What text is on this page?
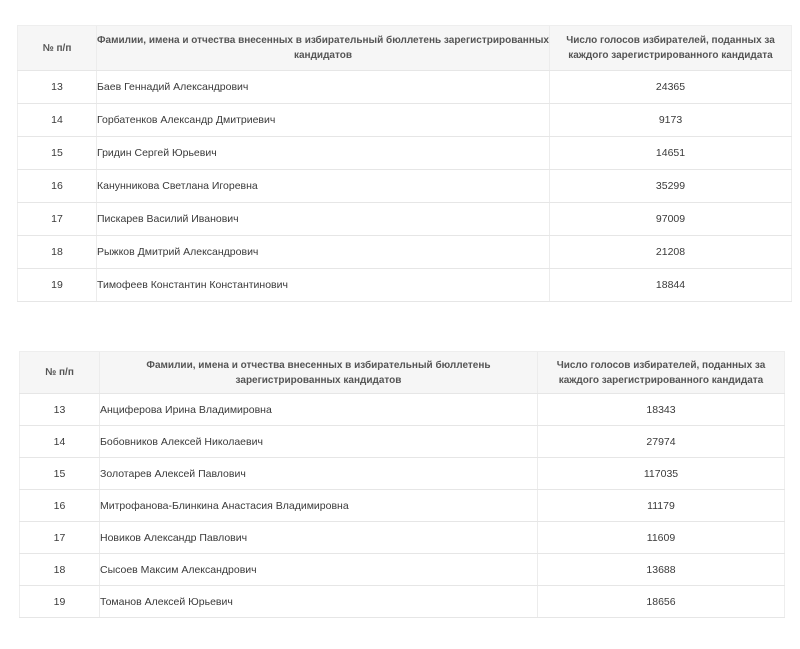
№ п/п	Фамилии, имена и отчества внесенных в избирательный бюллетень зарегистрированных кандидатов	Число голосов избирателей, поданных за каждого зарегистрированного кандидата
13	Баев Геннадий Александрович	24365
14	Горбатенков Александр Дмитриевич	9173
15	Гридин Сергей Юрьевич	14651
16	Канунникова Светлана Игоревна	35299
17	Пискарев Василий Иванович	97009
18	Рыжков Дмитрий Александрович	21208
19	Тимофеев Константин Константинович	18844
№ п/п	Фамилии, имена и отчества внесенных в избирательный бюллетень зарегистрированных кандидатов	Число голосов избирателей, поданных за каждого зарегистрированного кандидата
13	Анциферова Ирина Владимировна	18343
14	Бобовников Алексей Николаевич	27974
15	Золотарев Алексей Павлович	117035
16	Митрофанова-Блинкина Анастасия Владимировна	11179
17	Новиков Александр Павлович	11609
18	Сысоев Максим Александрович	13688
19	Томанов Алексей Юрьевич	18656
